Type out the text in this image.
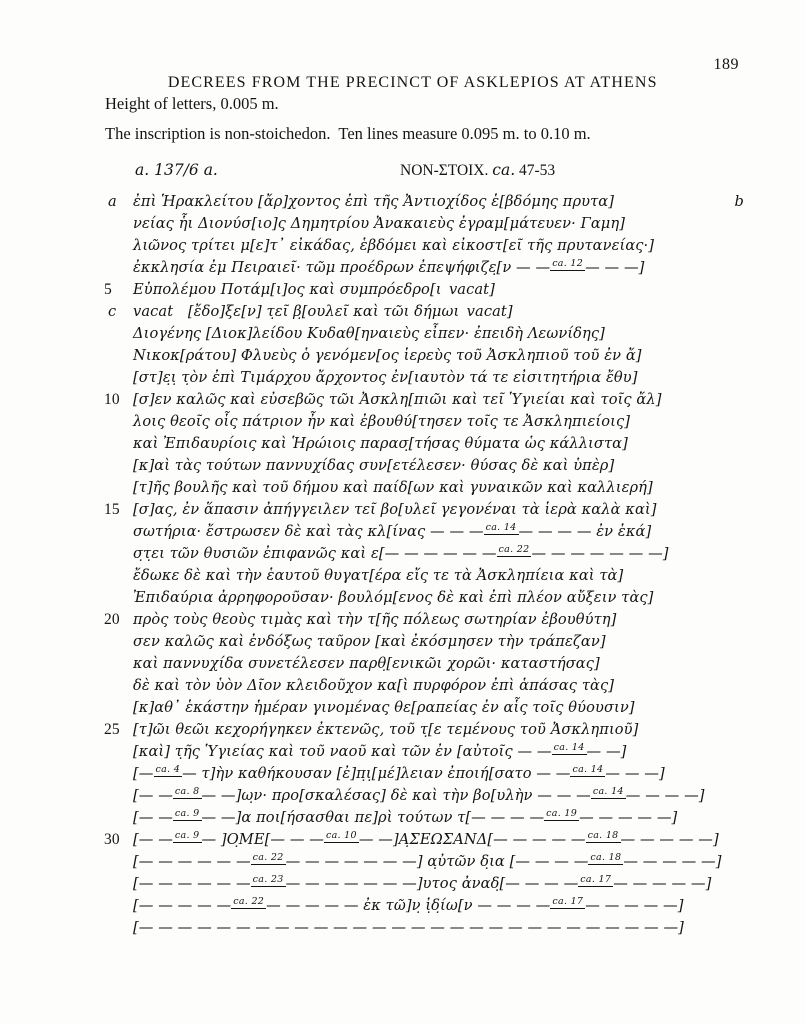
DECREES FROM THE PRECINCT OF ASKLEPIOS AT ATHENS

189
Height of letters, 0.005 m.
The inscription is non-stoichedon.  Ten lines measure 0.095 m. to 0.10 m.
a. 137/6 a.	ΝΟΝ-ΣΤΟΙΧ. ca. 47-53
a	ἐπὶ Ἡρακλείτου [ἄρ]χοντος ἐπὶ τῆς Ἀντιοχίδος ἑ[βδόμης πρυτα]	b
νείας ἧι Διονύσ[ιο]ς Δημητρίου Ἀνακαιεὺς ἐγραμ[μάτευεν· Γαμη]
λιῶνος τρίτει μ[ε]τ᾽ εἰκάδας, ἑβδόμει καὶ εἰκοστ[εῖ τῆς πρυτανείας·]
ἐκκλησία ἐμ Πειραιεῖ· τῶμ προέδρων ἐπεψήφιζε̣[ν — — ca. 12 — — —]
5	Εὐπολέμου Ποτάμ[ι]ος καὶ συμπρόεδρο[ι vacat]
c	vacat [ἔδο]ξε[ν] τ̣εῖ β̣[ουλεῖ καὶ τῶι δήμωι vacat]
Διογένης [Διοκ]λείδου Κυδαθ[ηναιεὺς εἶπεν· ἐπειδὴ Λεωνίδης]
Νικοκ[ράτου] Φλυεὺς ὁ γενόμεν[ος ἱερεὺς τοῦ Ἀσκληπιοῦ τοῦ ἐν ἄ]
[στ]ε̣ι̣ τ̣ὸν ἐπὶ Τιμάρχου ἄρχοντος ἐν[ιαυτὸν τά τε εἰσιτητήρια ἔθυ]
10 [σ]εν καλῶς καὶ εὐσεβῶς τῶι Ἀσκλη[πιῶι καὶ τεῖ Ὑγιείαι καὶ τοῖς ἄλ]
λοις θεοῖς οἷς πάτριον ἦν καὶ ἐβουθύ[τησεν τοῖς τε Ἀσκληπιείοις]
καὶ Ἐπιδαυρίοις καὶ Ἡρώιοις παρασ̣[τήσας θύματα ὡς κάλλιστα]
[κ]αὶ τὰς τούτων παννυχίδας συν[ετέλεσεν· θύσας δὲ καὶ ὑπὲρ]
[τ]ῆς βουλῆς καὶ τοῦ δήμου καὶ παίδ[ων καὶ γυναικῶν καὶ καλλιερή]
15 [σ]ας, ἐν ἅπασιν ἀπήγγειλεν τεῖ βο[υλεῖ γεγονέναι τὰ ἱερὰ καλὰ καὶ]
σωτήρια· ἔστρωσεν δὲ καὶ τὰς κλ[ίνας — — — ca. 14 — — — — ἐν ἑκά]
σ̣τ̣ει τῶν θυσιῶν ἐπιφανῶς καὶ ε[— — — — — — ca. 22 — — — — — — —]
ἔδωκε δὲ καὶ τὴν ἑαυτοῦ θυγατ[έρα εἴς τε τὰ Ἀσκληπίεια καὶ τὰ]
Ἐπιδαύρια ἀρρηφοροῦσαν· βουλόμ[ενος δὲ καὶ ἐπὶ πλέον αὔξειν τὰς]
20 πρὸς τοὺς θεοὺς τιμὰς καὶ τὴν τ[ῆς πόλεως σωτηρίαν ἐβουθύτη]
σεν καλῶς καὶ ἐνδόξως ταῦρον [καὶ ἐκόσμησεν τὴν τράπεζαν]
καὶ παννυχίδα συνετέλεσεν παρθ̣[ενικῶι χορῶι· καταστήσας]
δὲ καὶ τὸν ὑὸν Δῖον κλειδοῦχον κα[ὶ πυρφόρον ἐπὶ ἁπάσας τὰς]
[κ]αθ᾽ ἑκάστην ἡμέραν γινομένας θε[ραπείας ἐν αἷς τοῖς θύουσιν]
25 [τ]ῶι θεῶι κεχορήγηκεν ἐκτενῶς, τοῦ τ̣[ε τεμένους τοῦ Ἀσκληπιοῦ]
[καὶ] τ̣ῆς Ὑγιείας καὶ τοῦ ναοῦ καὶ τῶν ἐν [αὐτοῖς — — ca. 14 — —]
[— ca. 4 — τ]ὴν καθήκουσαν [ἐ]π̣ι̣[μέ]λειαν ἐποιή[σατο — — ca. 14 — — —]
[— — ca. 8 — —]ω̣ν· προ[σκαλέσας] δὲ καὶ τὴν βο[υλὴν — — — ca. 14 — — — —]
[— — ca. 9 — —]α ποι[ήσασθαι πε]ρὶ τούτων τ[— — — — ca. 19 — — — — —]
30 [— — ca. 9 — ]Ο̣ΜΕ[— — — ca. 10 — —]Α̣ΣΕΩΣΑΝΔ[— — — — — ca. 18 — — — — —]
[— — — — — — ca. 22 — — — — — — —] α̣ὐτῶν δ̣ια [— — — — ca. 18 — — — — —]
[— — — — — — ca. 23 — — — — — — —]υτος ἀναδ̣[— — — — ca. 17 — — — — —]
[— — — — — ca. 22 — — — — — ἐκ τῶ]ν̣ ἰ̣δ̣ίω[ν — — — — ca. 17 — — — — —]
[— — — — — — — — — — — — — — — — — — — — — — — — — — — —]
